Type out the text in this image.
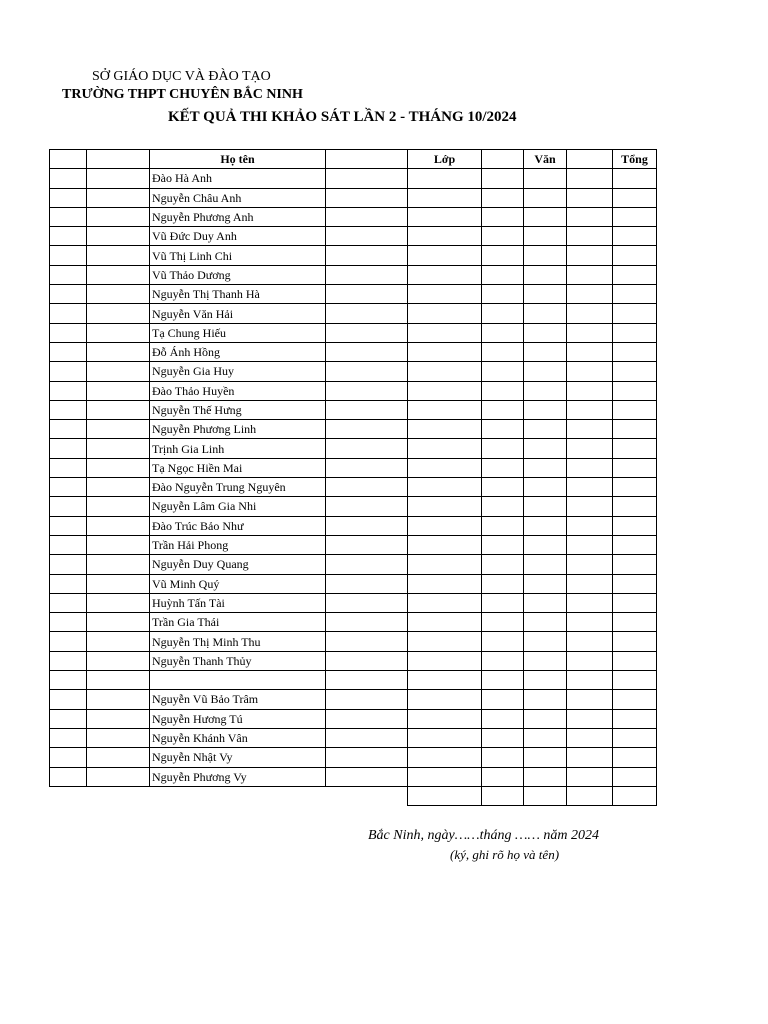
SỞ GIÁO DỤC VÀ ĐÀO TẠO
TRƯỜNG THPT CHUYÊN BẮC NINH
KẾT QUẢ THI KHẢO SÁT LẦN 2 - THÁNG 10/2024
		Họ tên		Lớp		Văn		Tổng
		Đào Hà Anh						
		Nguyễn Châu Anh						
		Nguyễn Phương Anh						
		Vũ Đức Duy Anh						
		Vũ Thị Linh Chi						
		Vũ Thảo Dương						
		Nguyễn Thị Thanh Hà						
		Nguyễn Văn Hải						
		Tạ Chung Hiếu						
		Đỗ Ánh Hồng						
		Nguyễn Gia Huy						
		Đào Thảo Huyền						
		Nguyễn Thế Hưng						
		Nguyễn Phương Linh						
		Trịnh Gia Linh						
		Tạ Ngọc Hiền Mai						
		Đào Nguyễn Trung Nguyên						
		Nguyễn Lâm Gia Nhi						
		Đào Trúc Bảo Như						
		Trần Hải Phong						
		Nguyễn Duy Quang						
		Vũ Minh Quý						
		Huỳnh Tấn Tài						
		Trần Gia Thái						
		Nguyễn Thị Minh Thu						
		Nguyễn Thanh Thủy						

		Nguyễn Vũ Bảo Trâm						
		Nguyễn Hương Tú						
		Nguyễn Khánh Vân						
		Nguyễn Nhật Vy						
		Nguyễn Phương Vy						

Bắc Ninh, ngày……tháng …… năm 2024
(ký, ghi rõ họ và tên)
